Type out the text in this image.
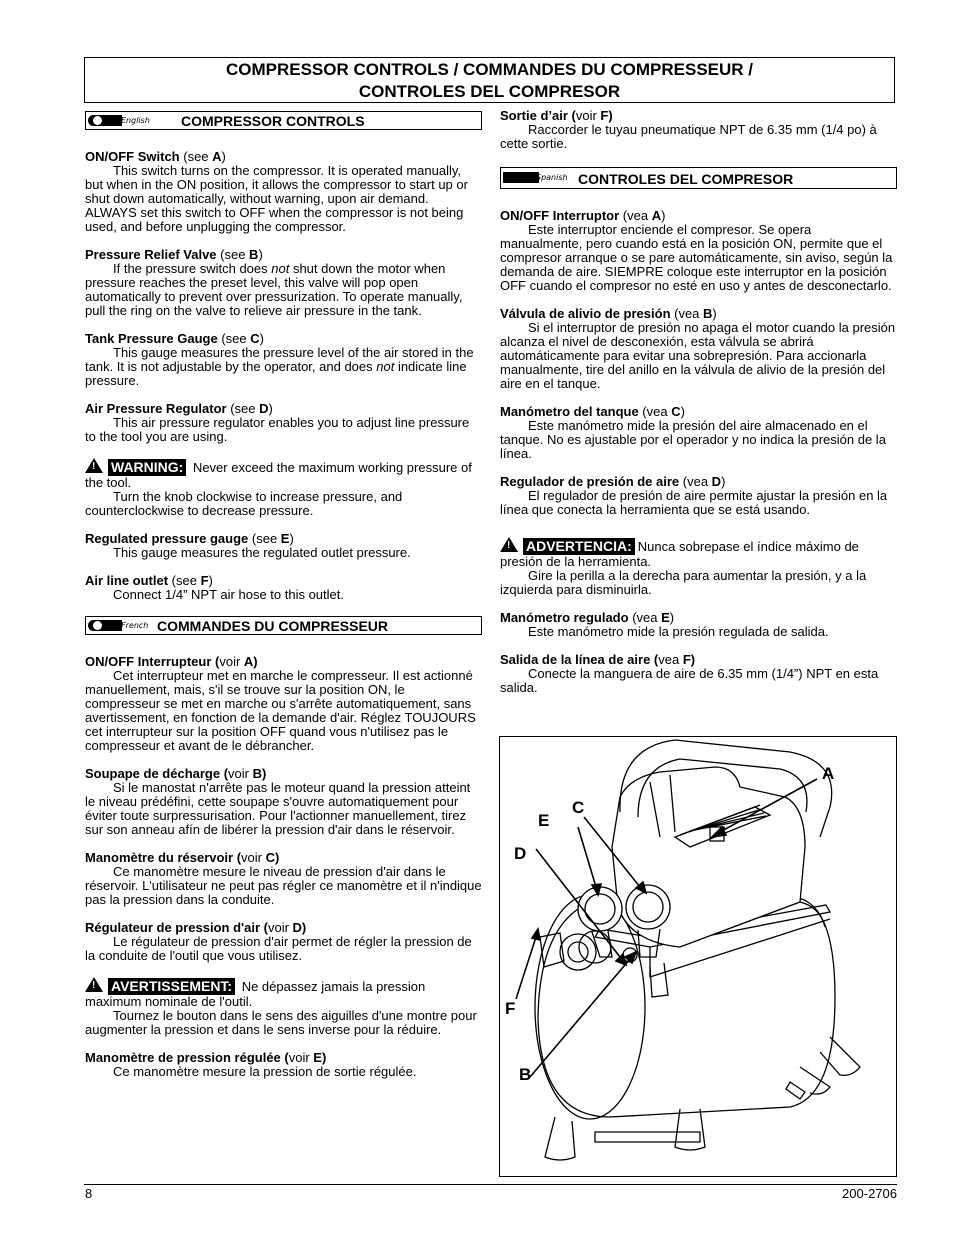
COMPRESSOR CONTROLS / COMMANDES DU COMPRESSEUR /
CONTROLES DEL COMPRESOR
English COMPRESSOR CONTROLS
ON/OFF Switch (see A)
This switch turns on the compressor. It is operated manually, but when in the ON position, it allows the compressor to start up or shut down automatically, without warning, upon air demand. ALWAYS set this switch to OFF when the compressor is not being used, and before unplugging the compressor.
Pressure Relief Valve (see B)
If the pressure switch does not shut down the motor when pressure reaches the preset level, this valve will pop open automatically to prevent over pressurization. To operate manually, pull the ring on the valve to relieve air pressure in the tank.
Tank Pressure Gauge (see C)
This gauge measures the pressure level of the air stored in the tank. It is not adjustable by the operator, and does not indicate line pressure.
Air Pressure Regulator (see D)
This air pressure regulator enables you to adjust line pressure to the tool you are using.
! WARNING: Never exceed the maximum working pressure of the tool.
Turn the knob clockwise to increase pressure, and counterclockwise to decrease pressure.
Regulated pressure gauge (see E)
This gauge measures the regulated outlet pressure.
Air line outlet (see F)
Connect 1/4” NPT air hose to this outlet.
French COMMANDES DU COMPRESSEUR
ON/OFF Interrupteur (voir A)
Cet interrupteur met en marche le compresseur. Il est actionné manuellement, mais, s'il se trouve sur la position ON, le compresseur se met en marche ou s'arrête automatiquement, sans avertissement, en fonction de la demande d'air. Réglez TOUJOURS cet interrupteur sur la position OFF quand vous n'utilisez pas le compresseur et avant de le débrancher.
Soupape de décharge (voir B)
Si le manostat n'arrête pas le moteur quand la pression atteint le niveau prédéfini, cette soupape s'ouvre automatiquement pour éviter toute surpressurisation. Pour l'actionner manuellement, tirez sur son anneau afín de libérer la pression d'air dans le réservoir.
Manomètre du réservoir (voir C)
Ce manomètre mesure le niveau de pression d'air dans le réservoir. L'utilisateur ne peut pas régler ce manomètre et il n'indique pas la pression dans la conduite.
Régulateur de pression d'air (voir D)
Le régulateur de pression d'air permet de régler la pression de la conduite de l'outil que vous utilisez.
! AVERTISSEMENT: Ne dépassez jamais la pression maximum nominale de l'outil.
Tournez le bouton dans le sens des aiguilles d'une montre pour augmenter la pression et dans le sens inverse pour la réduire.
Manomètre de pression régulée (voir E)
Ce manomètre mesure la pression de sortie régulée.
Sortie d’air (voir F)
Raccorder le tuyau pneumatique NPT de 6.35 mm (1/4 po) à cette sortie.
Spanish CONTROLES DEL COMPRESOR
ON/OFF Interruptor (vea A)
Este interruptor enciende el compresor. Se opera manualmente, pero cuando está en la posición ON, permite que el compresor arranque o se pare automáticamente, sin aviso, según la demanda de aire. SIEMPRE coloque este interruptor en la posición OFF cuando el compresor no esté en uso y antes de desconectarlo.
Válvula de alivio de presión (vea B)
Si el interruptor de presión no apaga el motor cuando la presión alcanza el nivel de desconexión, esta válvula se abrirá automáticamente para evitar una sobrepresión. Para accionarla manualmente, tire del anillo en la válvula de alivio de la presión del aire en el tanque.
Manómetro del tanque (vea C)
Este manómetro mide la presión del aire almacenado en el tanque. No es ajustable por el operador y no indica la presión de la línea.
Regulador de presión de aire (vea D)
El regulador de presión de aire permite ajustar la presión en la línea que conecta la herramienta que se está usando.
! ADVERTENCIA: Nunca sobrepase el índice máximo de presión de la herramienta.
Gire la perilla a la derecha para aumentar la presión, y a la izquierda para disminuirla.
Manómetro regulado (vea E)
Este manómetro mide la presión regulada de salida.
Salida de la línea de aire (vea F)
Conecte la manguera de aire de 6.35 mm (1/4”) NPT en esta salida.
A
B
C
D
E
F
8	200-2706
